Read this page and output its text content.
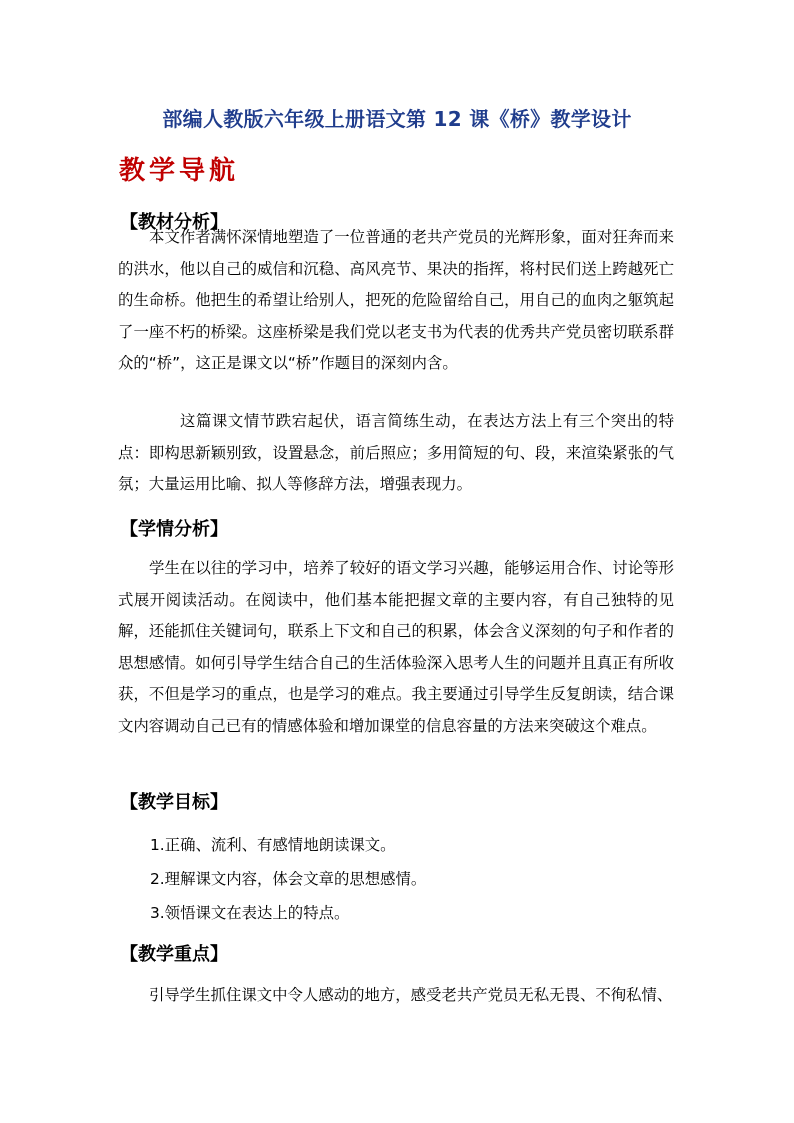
部编人教版六年级上册语文第 12 课《桥》教学设计
教学导航
【教材分析】

本文作者满怀深情地塑造了一位普通的老共产党员的光辉形象，面对狂奔而来的洪水，他以自己的威信和沉稳、高风亮节、果决的指挥，将村民们送上跨越死亡的生命桥。他把生的希望让给别人，把死的危险留给自己，用自己的血肉之躯筑起了一座不朽的桥梁。这座桥梁是我们党以老支书为代表的优秀共产党员密切联系群众的“桥”，这正是课文以“桥”作题目的深刻内含。

这篇课文情节跌宕起伏，语言简练生动，在表达方法上有三个突出的特点：即构思新颖别致，设置悬念，前后照应；多用简短的句、段，来渲染紧张的气氛；大量运用比喻、拟人等修辞方法，增强表现力。

【学情分析】

学生在以往的学习中，培养了较好的语文学习兴趣，能够运用合作、讨论等形式展开阅读活动。在阅读中，他们基本能把握文章的主要内容，有自己独特的见解，还能抓住关键词句，联系上下文和自己的积累，体会含义深刻的句子和作者的思想感情。如何引导学生结合自己的生活体验深入思考人生的问题并且真正有所收获，不但是学习的重点，也是学习的难点。我主要通过引导学生反复朗读，结合课文内容调动自己已有的情感体验和增加课堂的信息容量的方法来突破这个难点。

【教学目标】
1.正确、流利、有感情地朗读课文。
2.理解课文内容，体会文章的思想感情。
3.领悟课文在表达上的特点。
【教学重点】

引导学生抓住课文中令人感动的地方，感受老共产党员无私无畏、不徇私情、
